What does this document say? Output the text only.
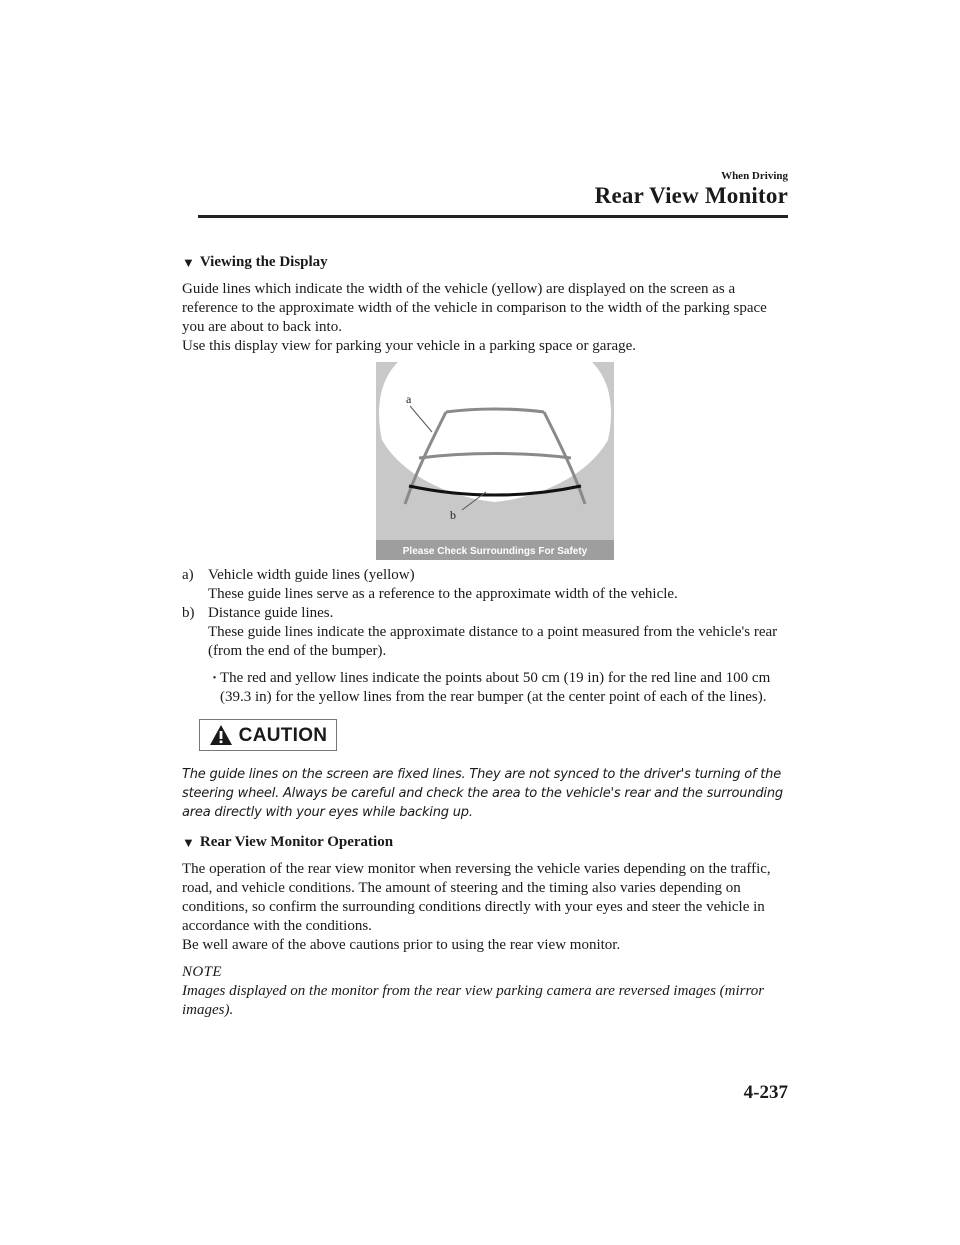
When Driving
Rear View Monitor
▼ Viewing the Display

Guide lines which indicate the width of the vehicle (yellow) are displayed on the screen as a reference to the approximate width of the vehicle in comparison to the width of the parking space you are about to back into.

Use this display view for parking your vehicle in a parking space or garage.

a
b
Please Check Surroundings For Safety
a) Vehicle width guide lines (yellow)

These guide lines serve as a reference to the approximate width of the vehicle.

b) Distance guide lines.

These guide lines indicate the approximate distance to a point measured from the vehicle's rear (from the end of the bumper).

· The red and yellow lines indicate the points about 50 cm (19 in) for the red line and 100 cm (39.3 in) for the yellow lines from the rear bumper (at the center point of each of the lines).
CAUTION

The guide lines on the screen are fixed lines. They are not synced to the driver's turning of the steering wheel. Always be careful and check the area to the vehicle's rear and the surrounding area directly with your eyes while backing up.

▼ Rear View Monitor Operation

The operation of the rear view monitor when reversing the vehicle varies depending on the traffic, road, and vehicle conditions. The amount of steering and the timing also varies depending on conditions, so confirm the surrounding conditions directly with your eyes and steer the vehicle in accordance with the conditions.

Be well aware of the above cautions prior to using the rear view monitor.

NOTE

Images displayed on the monitor from the rear view parking camera are reversed images (mirror images).

4-237
